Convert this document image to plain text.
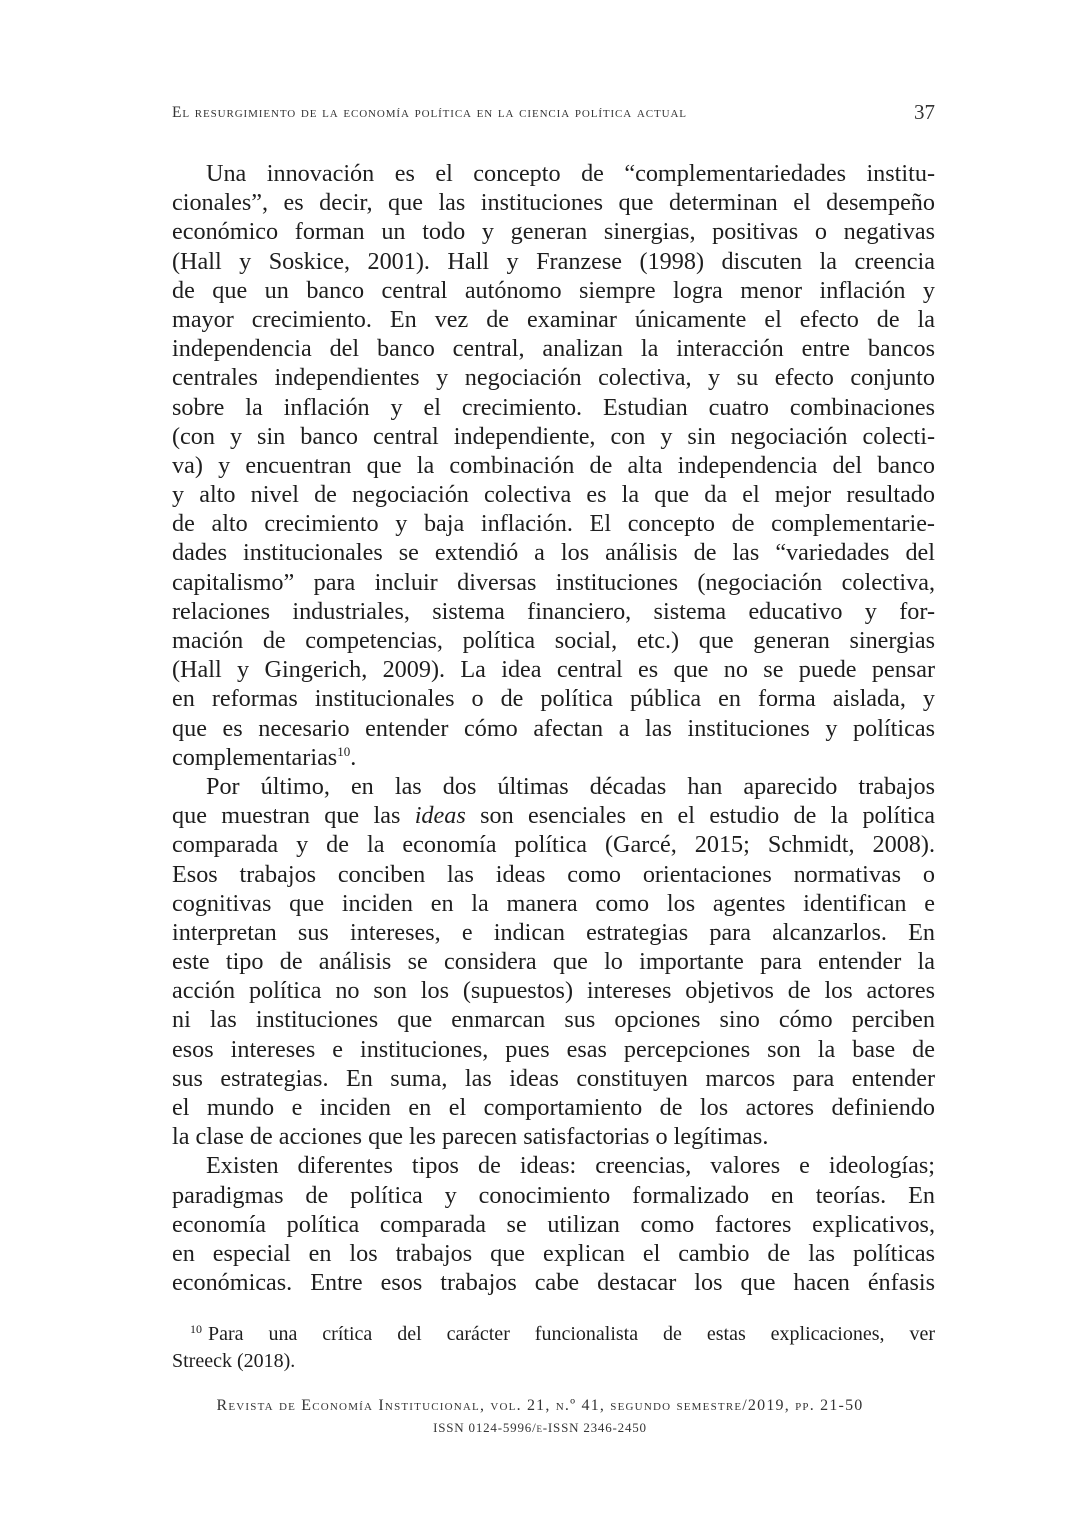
El resurgimiento de la economía política en la ciencia política actual	37
Una innovación es el concepto de “complementariedades institu-
cionales”, es decir, que las instituciones que determinan el desempeño
económico forman un todo y generan sinergias, positivas o negativas
(Hall y Soskice, 2001). Hall y Franzese (1998) discuten la creencia
de que un banco central autónomo siempre logra menor inflación y
mayor crecimiento. En vez de examinar únicamente el efecto de la
independencia del banco central, analizan la interacción entre bancos
centrales independientes y negociación colectiva, y su efecto conjunto
sobre la inflación y el crecimiento. Estudian cuatro combinaciones
(con y sin banco central independiente, con y sin negociación colecti-
va) y encuentran que la combinación de alta independencia del banco
y alto nivel de negociación colectiva es la que da el mejor resultado
de alto crecimiento y baja inflación. El concepto de complementarie-
dades institucionales se extendió a los análisis de las “variedades del
capitalismo” para incluir diversas instituciones (negociación colectiva,
relaciones industriales, sistema financiero, sistema educativo y for-
mación de competencias, política social, etc.) que generan sinergias
(Hall y Gingerich, 2009). La idea central es que no se puede pensar
en reformas institucionales o de política pública en forma aislada, y
que es necesario entender cómo afectan a las instituciones y políticas
complementarias$^{10}$.
Por último, en las dos últimas décadas han aparecido trabajos
que muestran que las ideas son esenciales en el estudio de la política
comparada y de la economía política (Garcé, 2015; Schmidt, 2008).
Esos trabajos conciben las ideas como orientaciones normativas o
cognitivas que inciden en la manera como los agentes identifican e
interpretan sus intereses, e indican estrategias para alcanzarlos. En
este tipo de análisis se considera que lo importante para entender la
acción política no son los (supuestos) intereses objetivos de los actores
ni las instituciones que enmarcan sus opciones sino cómo perciben
esos intereses e instituciones, pues esas percepciones son la base de
sus estrategias. En suma, las ideas constituyen marcos para entender
el mundo e inciden en el comportamiento de los actores definiendo
la clase de acciones que les parecen satisfactorias o legítimas.
Existen diferentes tipos de ideas: creencias, valores e ideologías;
paradigmas de política y conocimiento formalizado en teorías. En
economía política comparada se utilizan como factores explicativos,
en especial en los trabajos que explican el cambio de las políticas
económicas. Entre esos trabajos cabe destacar los que hacen énfasis
$^{10}$ Para una crítica del carácter funcionalista de estas explicaciones, ver
Streeck (2018).
Revista de Economía Institucional, vol. 21, n.º 41, segundo semestre/2019, pp. 21-50
ISSN 0124-5996/e-ISSN 2346-2450
